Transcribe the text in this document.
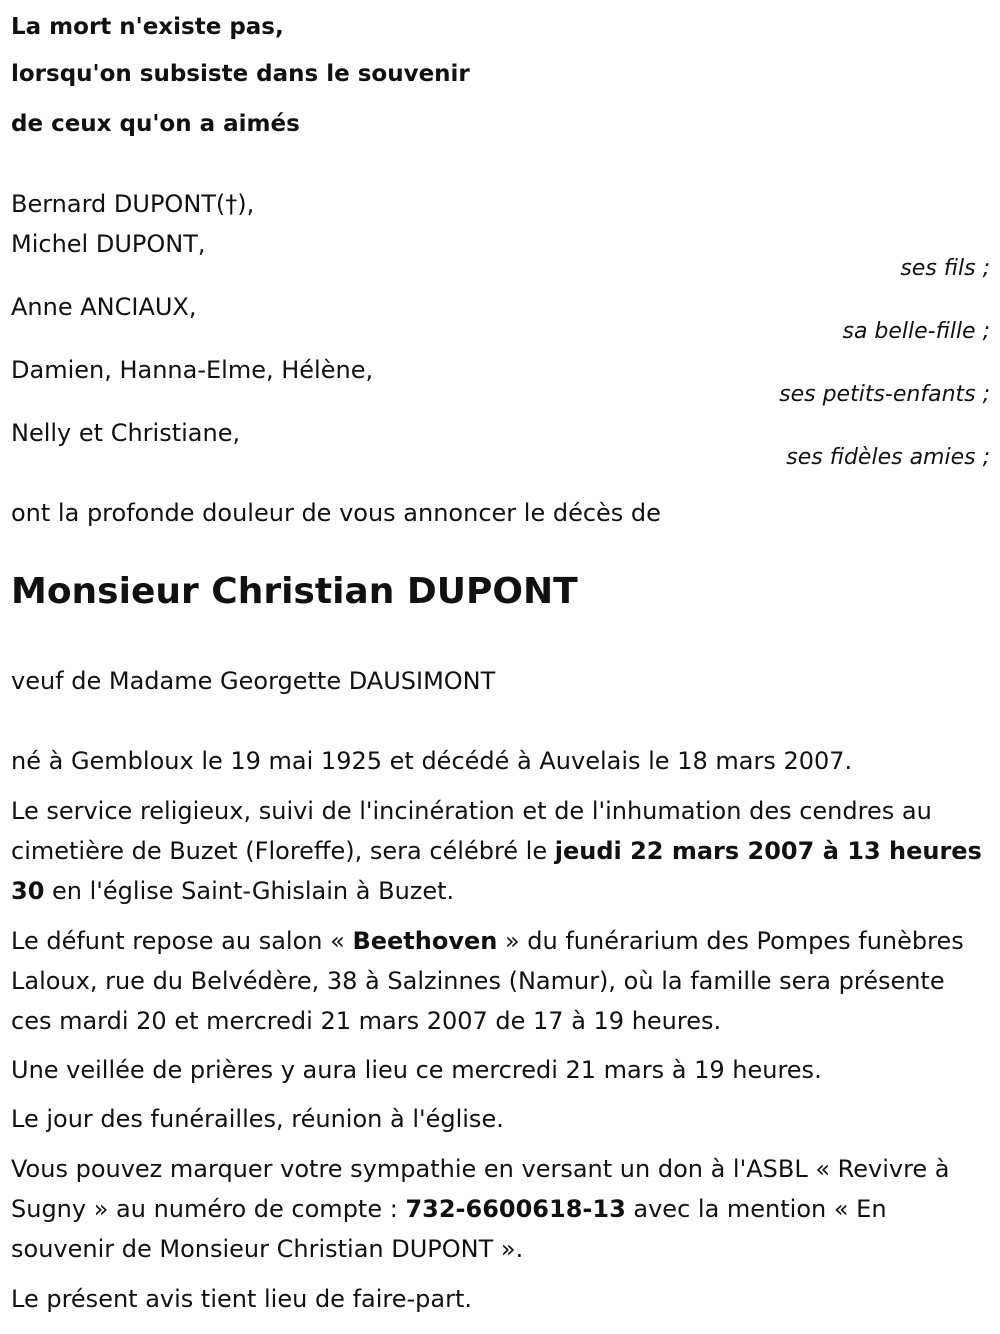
La mort n'existe pas,
lorsqu'on subsiste dans le souvenir
de ceux qu'on a aimés
Bernard DUPONT(†),
Michel DUPONT,
ses fils ;
Anne ANCIAUX,
sa belle-fille ;
Damien, Hanna-Elme, Hélène,
ses petits-enfants ;
Nelly et Christiane,
ses fidèles amies ;
ont la profonde douleur de vous annoncer le décès de
Monsieur Christian DUPONT
veuf de Madame Georgette DAUSIMONT
né à Gembloux le 19 mai 1925 et décédé à Auvelais le 18 mars 2007.
Le service religieux, suivi de l'incinération et de l'inhumation des cendres au cimetière de Buzet (Floreffe), sera célébré le jeudi 22 mars 2007 à 13 heures 30 en l'église Saint-Ghislain à Buzet.
Le défunt repose au salon « Beethoven » du funérarium des Pompes funèbres Laloux, rue du Belvédère, 38 à Salzinnes (Namur), où la famille sera présente ces mardi 20 et mercredi 21 mars 2007 de 17 à 19 heures.
Une veillée de prières y aura lieu ce mercredi 21 mars à 19 heures.
Le jour des funérailles, réunion à l'église.
Vous pouvez marquer votre sympathie en versant un don à l'ASBL « Revivre à Sugny » au numéro de compte : 732-6600618-13 avec la mention « En souvenir de Monsieur Christian DUPONT ».
Le présent avis tient lieu de faire-part.
